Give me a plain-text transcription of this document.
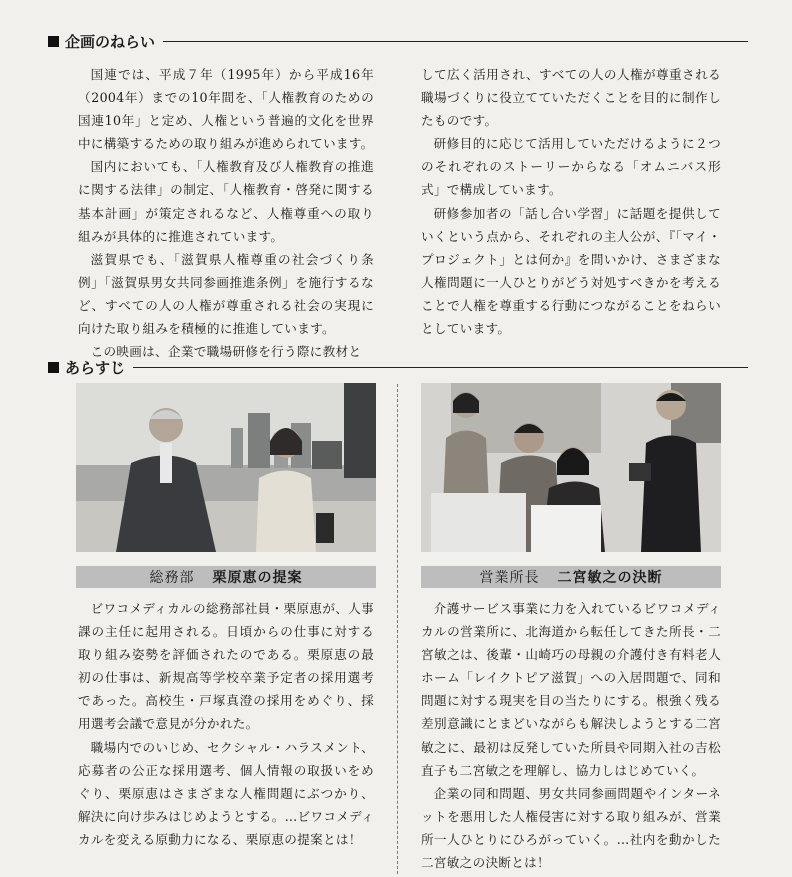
企画のねらい

国連では、平成７年（1995年）から平成16年（2004年）までの10年間を、「人権教育のための国連10年」と定め、人権という普遍的文化を世界中に構築するための取り組みが進められています。

国内においても、「人権教育及び人権教育の推進に関する法律」の制定、「人権教育・啓発に関する基本計画」が策定されるなど、人権尊重への取り組みが具体的に推進されています。

滋賀県でも、「滋賀県人権尊重の社会づくり条例」「滋賀県男女共同参画推進条例」を施行するなど、すべての人の人権が尊重される社会の実現に向けた取り組みを積極的に推進しています。

この映画は、企業で職場研修を行う際に教材と

して広く活用され、すべての人の人権が尊重される職場づくりに役立てていただくことを目的に制作したものです。

研修目的に応じて活用していただけるように２つのそれぞれのストーリーからなる「オムニバス形式」で構成しています。

研修参加者の「話し合い学習」に話題を提供していくという点から、それぞれの主人公が、『「マイ・プロジェクト」とは何か』を問いかけ、さまざまな人権問題に一人ひとりがどう対処すべきかを考えることで人権を尊重する行動につながることをねらいとしています。

あらすじ
総務部 栗原恵の提案	営業所長 二宮敏之の決断

ビワコメディカルの総務部社員・栗原恵が、人事課の主任に起用される。日頃からの仕事に対する取り組み姿勢を評価されたのである。栗原恵の最初の仕事は、新規高等学校卒業予定者の採用選考であった。高校生・戸塚真澄の採用をめぐり、採用選考会議で意見が分かれた。

職場内でのいじめ、セクシャル・ハラスメント、応募者の公正な採用選考、個人情報の取扱いをめぐり、栗原恵はさまざまな人権問題にぶつかり、解決に向け歩みはじめようとする。…ビワコメディカルを変える原動力になる、栗原恵の提案とは！

介護サービス事業に力を入れているビワコメディカルの営業所に、北海道から転任してきた所長・二宮敏之は、後輩・山崎巧の母親の介護付き有料老人ホーム「レイクトピア滋賀」への入居問題で、同和問題に対する現実を目の当たりにする。根強く残る差別意識にとまどいながらも解決しようとする二宮敏之に、最初は反発していた所員や同期入社の吉松直子も二宮敏之を理解し、協力しはじめていく。

企業の同和問題、男女共同参画問題やインターネットを悪用した人権侵害に対する取り組みが、営業所一人ひとりにひろがっていく。…社内を動かした二宮敏之の決断とは！
